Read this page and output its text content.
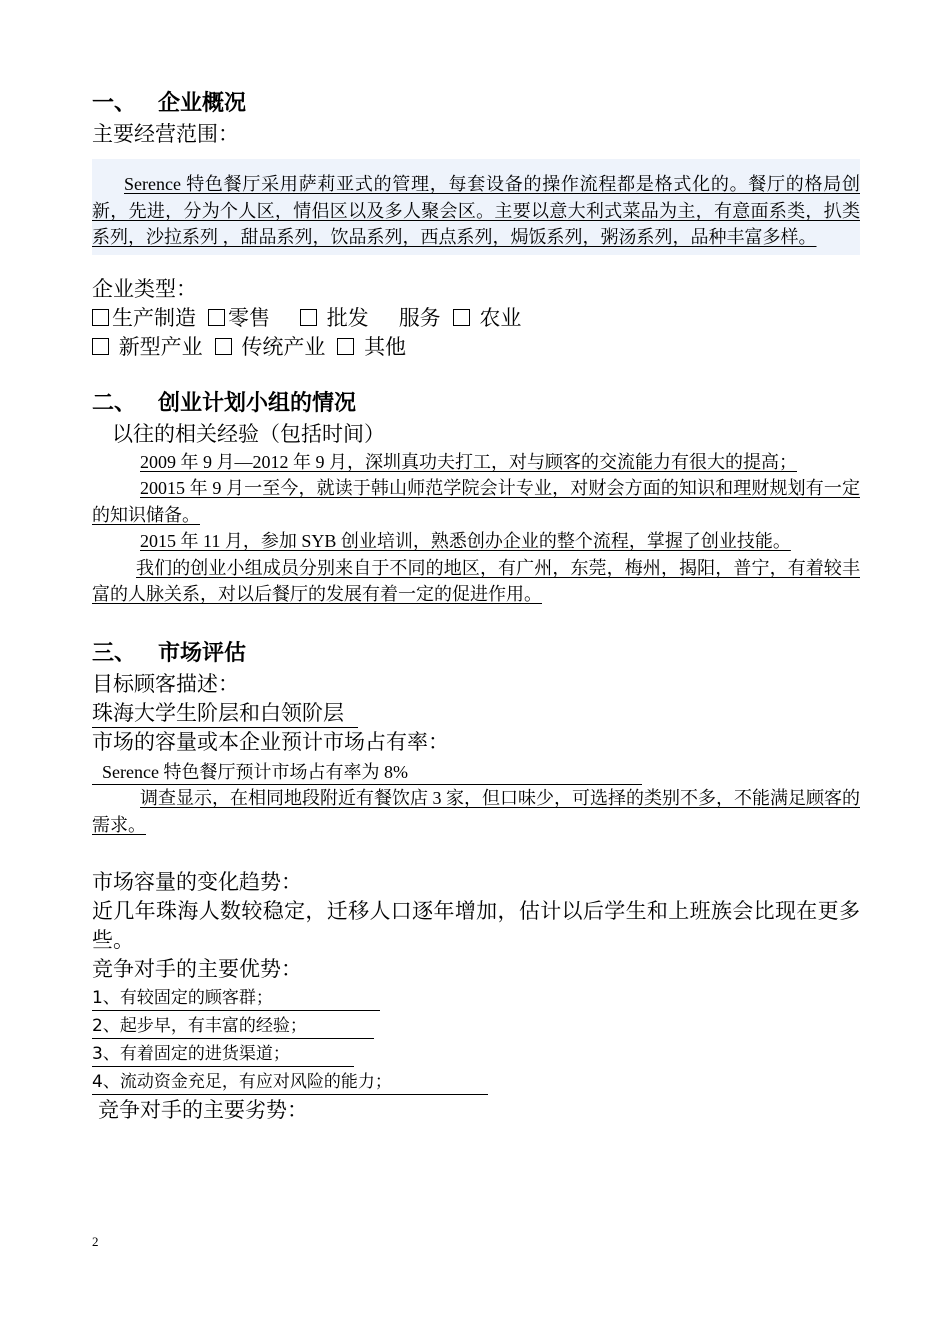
一、 企业概况

主要经营范围：

Serence 特色餐厅采用萨莉亚式的管理，每套设备的操作流程都是格式化的。餐厅的格局创新，先进，分为个人区，情侣区以及多人聚会区。主要以意大利式菜品为主，有意面系类，扒类系列，沙拉系列 ，甜品系列，饮品系列，西点系列，焗饭系列，粥汤系列，品种丰富多样。

企业类型：

生产制造 零售	批发 服务 农业

新型产业 传统产业 其他

二、 创业计划小组的情况

以往的相关经验（包括时间）

2009 年 9 月—2012 年 9 月，深圳真功夫打工，对与顾客的交流能力有很大的提高；

20015 年 9 月一至今，就读于韩山师范学院会计专业，对财会方面的知识和理财规划有一定的知识储备。

2015 年 11 月，参加 SYB 创业培训，熟悉创办企业的整个流程，掌握了创业技能。

我们的创业小组成员分别来自于不同的地区，有广州，东莞，梅州，揭阳，普宁，有着较丰富的人脉关系，对以后餐厅的发展有着一定的促进作用。

三、 市场评估

目标顾客描述：

珠海大学生阶层和白领阶层

市场的容量或本企业预计市场占有率：

Serence 特色餐厅预计市场占有率为 8%

调查显示，在相同地段附近有餐饮店 3 家，但口味少，可选择的类别不多，不能满足顾客的需求。

市场容量的变化趋势：

近几年珠海人数较稳定，迁移人口逐年增加，估计以后学生和上班族会比现在更多些。

竞争对手的主要优势：

1、有较固定的顾客群；

2、起步早，有丰富的经验；

3、有着固定的进货渠道；

4、流动资金充足，有应对风险的能力；

竞争对手的主要劣势：

2
